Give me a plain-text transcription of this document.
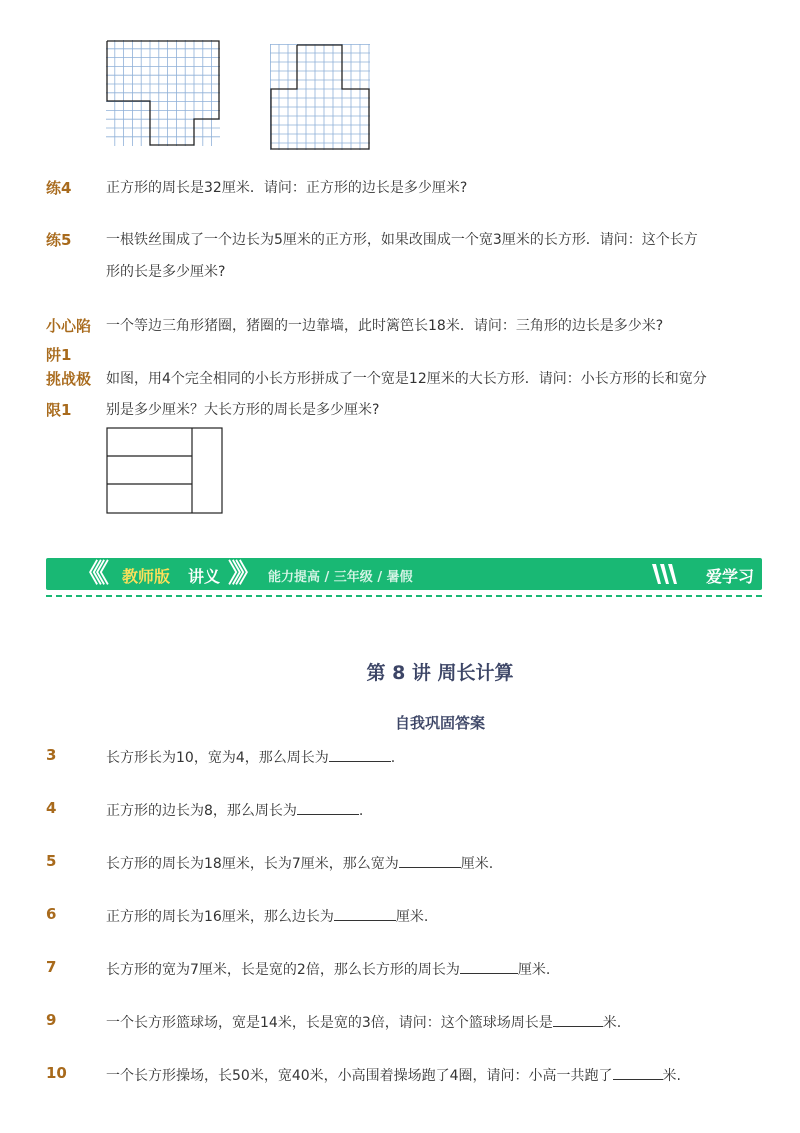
练4 正方形的周长是32厘米．请问：正方形的边长是多少厘米?
练5 一根铁丝围成了一个边长为5厘米的正方形，如果改围成一个宽3厘米的长方形．请问：这个长方
形的长是多少厘米?
小心陷 一个等边三角形猪圈，猪圈的一边靠墙，此时篱笆长18米．请问：三角形的边长是多少米?
阱1
挑战极 如图，用4个完全相同的小长方形拼成了一个宽是12厘米的大长方形．请问：小长方形的长和宽分
限1 别是多少厘米？大长方形的周长是多少厘米?
《《 教师版 讲义 》》 能力提高 / 三年级 / 暑假	爱学习
第 8 讲 周长计算
自我巩固答案
3	长方形长为10，宽为4，那么周长为	.
4	正方形的边长为8，那么周长为	.
5	长方形的周长为18厘米，长为7厘米，那么宽为	厘米.
6	正方形的周长为16厘米，那么边长为	厘米.
7	长方形的宽为7厘米，长是宽的2倍，那么长方形的周长为	厘米.
9	一个长方形篮球场，宽是14米，长是宽的3倍，请问：这个篮球场周长是	米.
10	一个长方形操场，长50米，宽40米，小高围着操场跑了4圈，请问：小高一共跑了	米.
